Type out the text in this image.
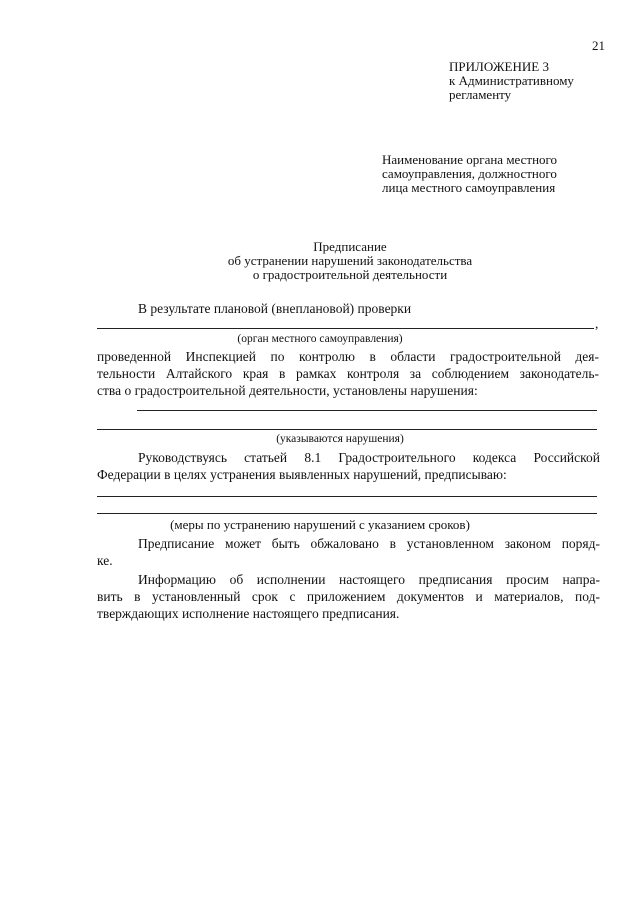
21
ПРИЛОЖЕНИЕ 3
к Административному
регламенту
Наименование органа местного
самоуправления, должностного
лица местного самоуправления
Предписание
об устранении нарушений законодательства
о градостроительной деятельности
В результате плановой (внеплановой) проверки
,
(орган местного самоуправления)
проведенной Инспекцией по контролю в области градостроительной дея-
тельности Алтайского края в рамках контроля за соблюдением законодатель-
ства о градостроительной деятельности, установлены нарушения:
(указываются нарушения)
Руководствуясь статьей 8.1 Градостроительного кодекса Российской
Федерации в целях устранения выявленных нарушений, предписываю:
(меры по устранению нарушений с указанием сроков)
Предписание может быть обжаловано в установленном законом поряд-
ке.
Информацию об исполнении настоящего предписания просим напра-
вить в установленный срок с приложением документов и материалов, под-
тверждающих исполнение настоящего предписания.
